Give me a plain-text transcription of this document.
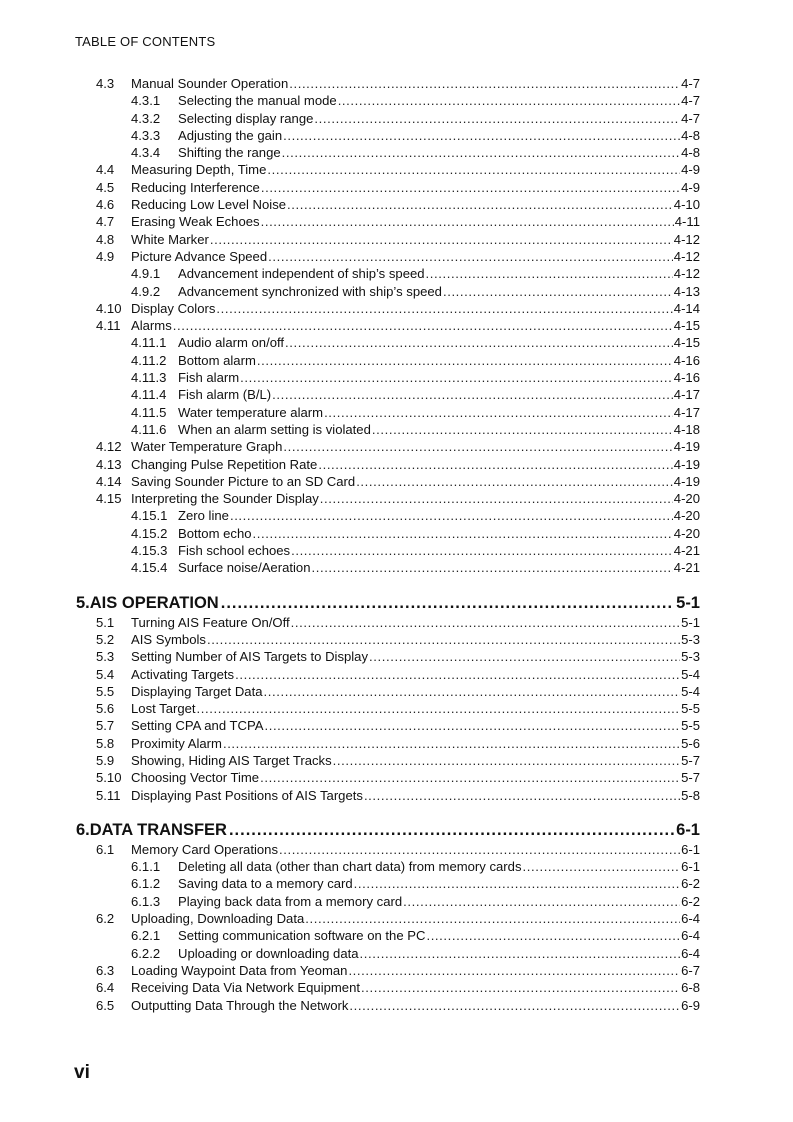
TABLE OF CONTENTS
4.3	Manual Sounder Operation .....	4-7
4.3.1	Selecting the manual mode .....	4-7
4.3.2	Selecting display range .....	4-7
4.3.3	Adjusting the gain .....	4-8
4.3.4	Shifting the range .....	4-8
4.4	Measuring Depth, Time .....	4-9
4.5	Reducing Interference .....	4-9
4.6	Reducing Low Level Noise .....	4-10
4.7	Erasing Weak Echoes .....	4-11
4.8	White Marker .....	4-12
4.9	Picture Advance Speed .....	4-12
4.9.1	Advancement independent of ship’s speed .....	4-12
4.9.2	Advancement synchronized with ship’s speed .....	4-13
4.10 Display Colors .....	4-14
4.11 Alarms .....	4-15
4.11.1 Audio alarm on/off .....	4-15
4.11.2 Bottom alarm .....	4-16
4.11.3 Fish alarm .....	4-16
4.11.4 Fish alarm (B/L) .....	4-17
4.11.5 Water temperature alarm .....	4-17
4.11.6 When an alarm setting is violated .....	4-18
4.12 Water Temperature Graph .....	4-19
4.13 Changing Pulse Repetition Rate .....	4-19
4.14 Saving Sounder Picture to an SD Card .....	4-19
4.15 Interpreting the Sounder Display .....	4-20
4.15.1 Zero line .....	4-20
4.15.2 Bottom echo .....	4-20
4.15.3 Fish school echoes .....	4-21
4.15.4 Surface noise/Aeration .....	4-21
5. AIS OPERATION .....	5-1
5.1	Turning AIS Feature On/Off .....	5-1
5.2	AIS Symbols .....	5-3
5.3	Setting Number of AIS Targets to Display .....	5-3
5.4	Activating Targets .....	5-4
5.5	Displaying Target Data .....	5-4
5.6	Lost Target .....	5-5
5.7	Setting CPA and TCPA .....	5-5
5.8	Proximity Alarm .....	5-6
5.9	Showing, Hiding AIS Target Tracks .....	5-7
5.10 Choosing Vector Time .....	5-7
5.11 Displaying Past Positions of AIS Targets .....	5-8
6. DATA TRANSFER .....	6-1
6.1	Memory Card Operations .....	6-1
6.1.1	Deleting all data (other than chart data) from memory cards .....	6-1
6.1.2	Saving data to a memory card .....	6-2
6.1.3	Playing back data from a memory card .....	6-2
6.2	Uploading, Downloading Data .....	6-4
6.2.1	Setting communication software on the PC .....	6-4
6.2.2	Uploading or downloading data .....	6-4
6.3	Loading Waypoint Data from Yeoman .....	6-7
6.4	Receiving Data Via Network Equipment .....	6-8
6.5	Outputting Data Through the Network .....	6-9
vi
